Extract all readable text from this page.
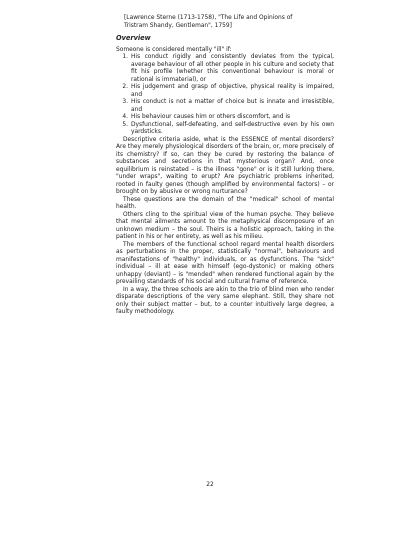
[Lawrence Sterne (1713-1758), "The Life and Opinions of Tristram Shandy, Gentleman", 1759]
Overview
Someone is considered mentally "ill" if:
1. His conduct rigidly and consistently deviates from the typical, average behaviour of all other people in his culture and society that fit his profile (whether this conventional behaviour is moral or rational is immaterial), or
2. His judgement and grasp of objective, physical reality is impaired, and
3. His conduct is not a matter of choice but is innate and irresistible, and
4. His behaviour causes him or others discomfort, and is
5. Dysfunctional, self-defeating, and self-destructive even by his own yardsticks.

Descriptive criteria aside, what is the ESSENCE of mental disorders? Are they merely physiological disorders of the brain, or, more precisely of its chemistry? If so, can they be cured by restoring the balance of substances and secretions in that mysterious organ? And, once equilibrium is reinstated – is the illness "gone" or is it still lurking there, "under wraps", waiting to erupt? Are psychiatric problems inherited, rooted in faulty genes (though amplified by environmental factors) – or brought on by abusive or wrong nurturance?

These questions are the domain of the "medical" school of mental health.

Others cling to the spiritual view of the human psyche. They believe that mental ailments amount to the metaphysical discomposure of an unknown medium – the soul. Theirs is a holistic approach, taking in the patient in his or her entirety, as well as his milieu.

The members of the functional school regard mental health disorders as perturbations in the proper, statistically "normal", behaviours and manifestations of "healthy" individuals, or as dysfunctions. The "sick" individual – ill at ease with himself (ego-dystonic) or making others unhappy (deviant) – is "mended" when rendered functional again by the prevailing standards of his social and cultural frame of reference.

In a way, the three schools are akin to the trio of blind men who render disparate descriptions of the very same elephant. Still, they share not only their subject matter – but, to a counter intuitively large degree, a faulty methodology.

22
